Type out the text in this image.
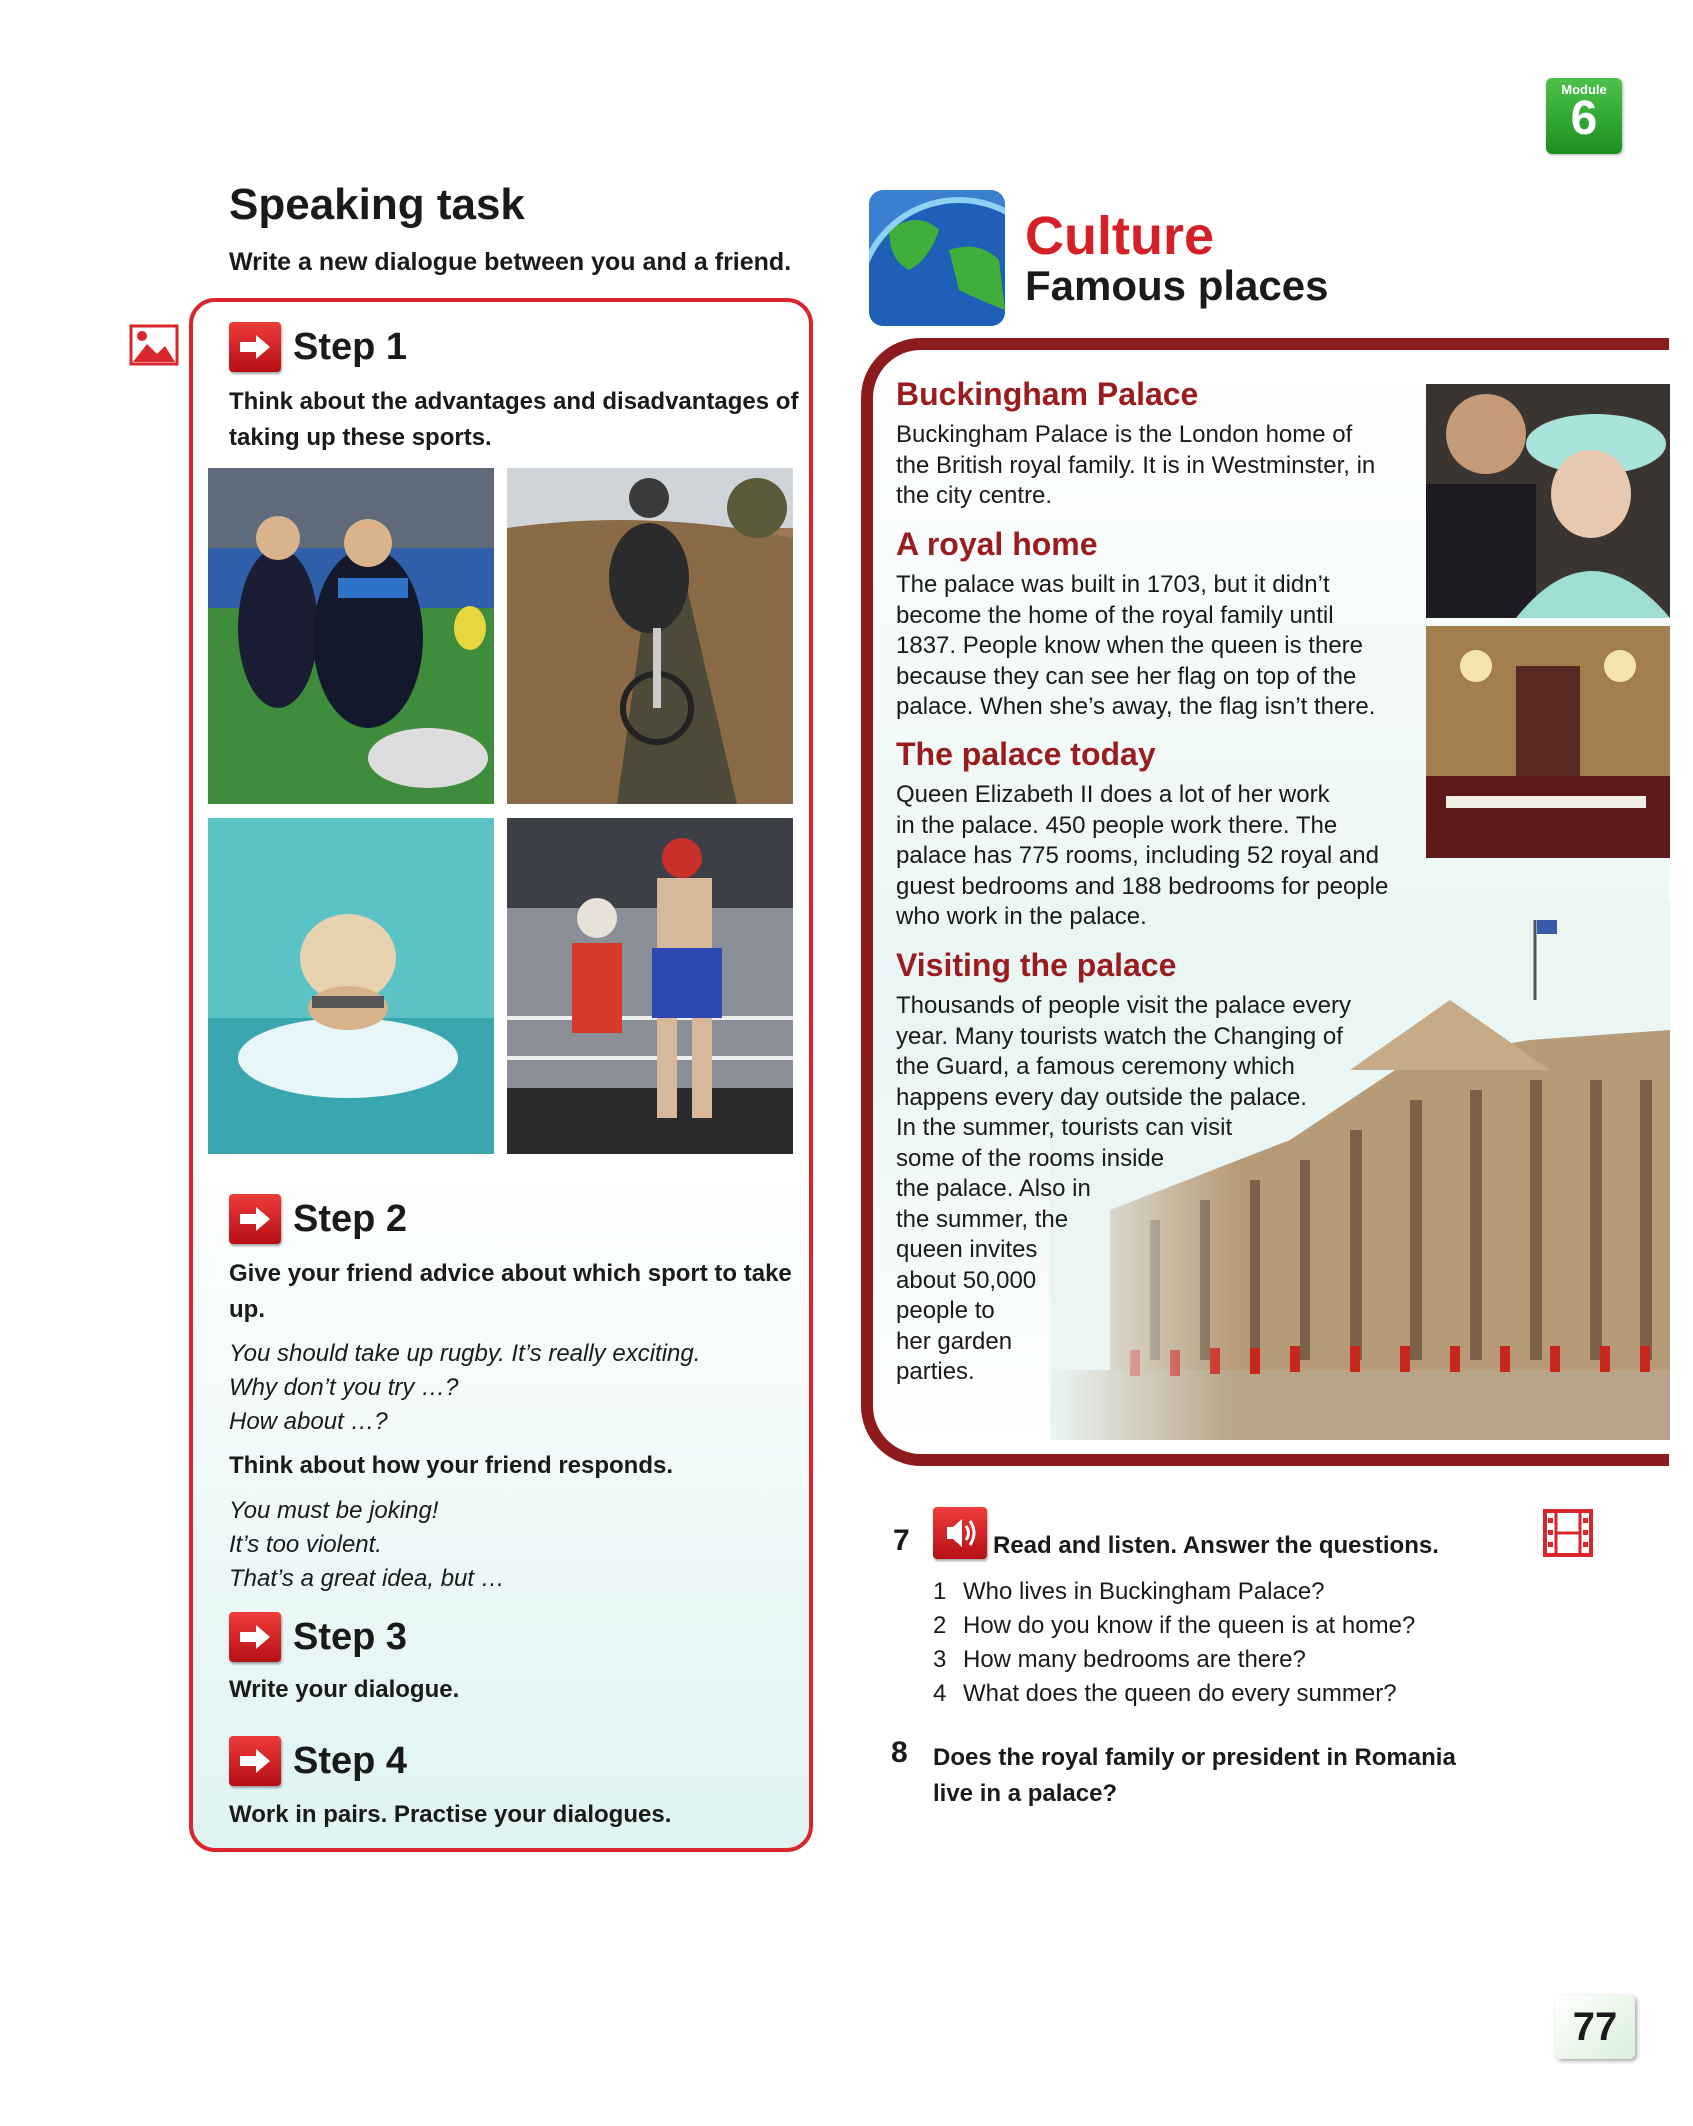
Module
6
Speaking task
Write a new dialogue between you and a friend.
Step 1
Think about the advantages and disadvantages of taking up these sports.
Step 2
Give your friend advice about which sport to take up.
You should take up rugby. It’s really exciting.
Why don’t you try …?
How about …?
Think about how your friend responds.
You must be joking!
It’s too violent.
That’s a great idea, but …
Step 3
Write your dialogue.
Step 4
Work in pairs. Practise your dialogues.
Culture
Famous places
Buckingham Palace
Buckingham Palace is the London home of
the British royal family. It is in Westminster, in
the city centre.
A royal home
The palace was built in 1703, but it didn’t
become the home of the royal family until
1837. People know when the queen is there
because they can see her flag on top of the
palace. When she’s away, the flag isn’t there.
The palace today
Queen Elizabeth II does a lot of her work
in the palace. 450 people work there. The
palace has 775 rooms, including 52 royal and
guest bedrooms and 188 bedrooms for people
who work in the palace.
Visiting the palace
Thousands of people visit the palace every
year. Many tourists watch the Changing of
the Guard, a famous ceremony which
happens every day outside the palace.
In the summer, tourists can visit
some of the rooms inside
the palace. Also in
the summer, the
queen invites
about 50,000
people to
her garden
parties.
7	Read and listen. Answer the questions.
1 Who lives in Buckingham Palace?
2 How do you know if the queen is at home?
3 How many bedrooms are there?
4 What does the queen do every summer?
8 Does the royal family or president in Romania live in a palace?
77
